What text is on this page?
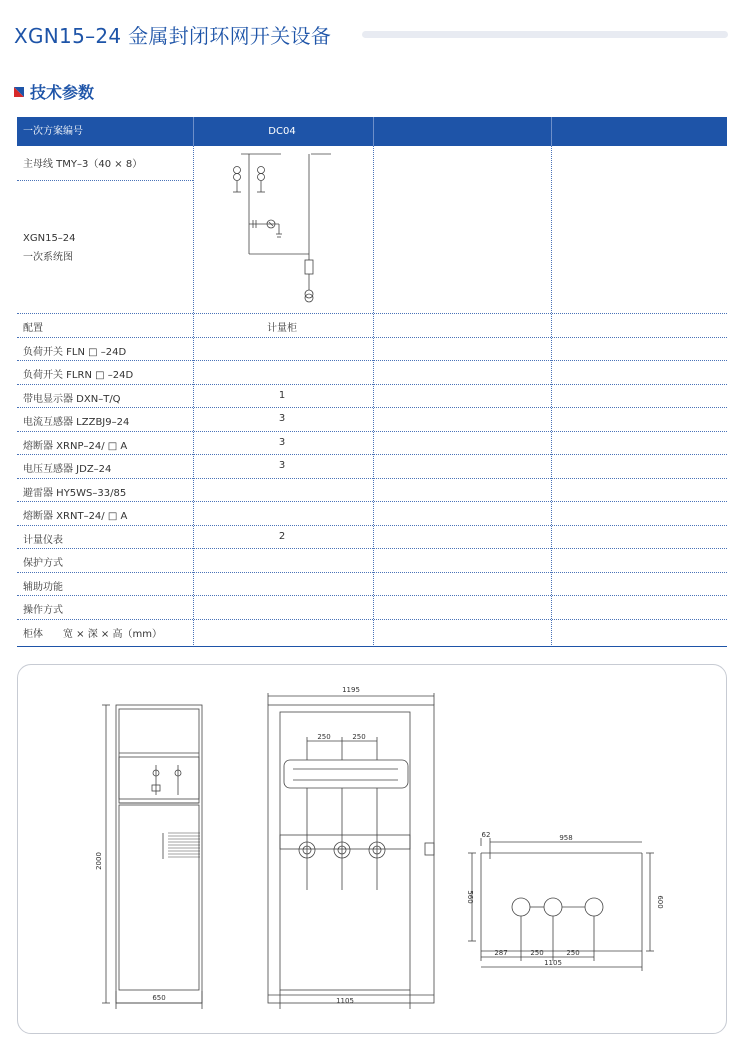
XGN15–24 金属封闭环网开关设备
技术参数
一次方案编号	DC04
主母线 TMY–3（40 × 8）
XGN15–24
一次系统图
配置	计量柜
负荷开关 FLN □ –24D
负荷开关 FLRN □ –24D
带电显示器 DXN–T/Q	1
电流互感器 LZZBJ9–24	3
熔断器 XRNP–24/ □ A	3
电压互感器 JDZ–24	3
避雷器 HY5WS–33/85
熔断器 XRNT–24/ □ A
计量仪表	2
保护方式
辅助功能
操作方式
柜体　　宽 × 深 × 高（mm）
2000
650
1195
250	250
1105
62	958
560	600
287	250	250
1105
